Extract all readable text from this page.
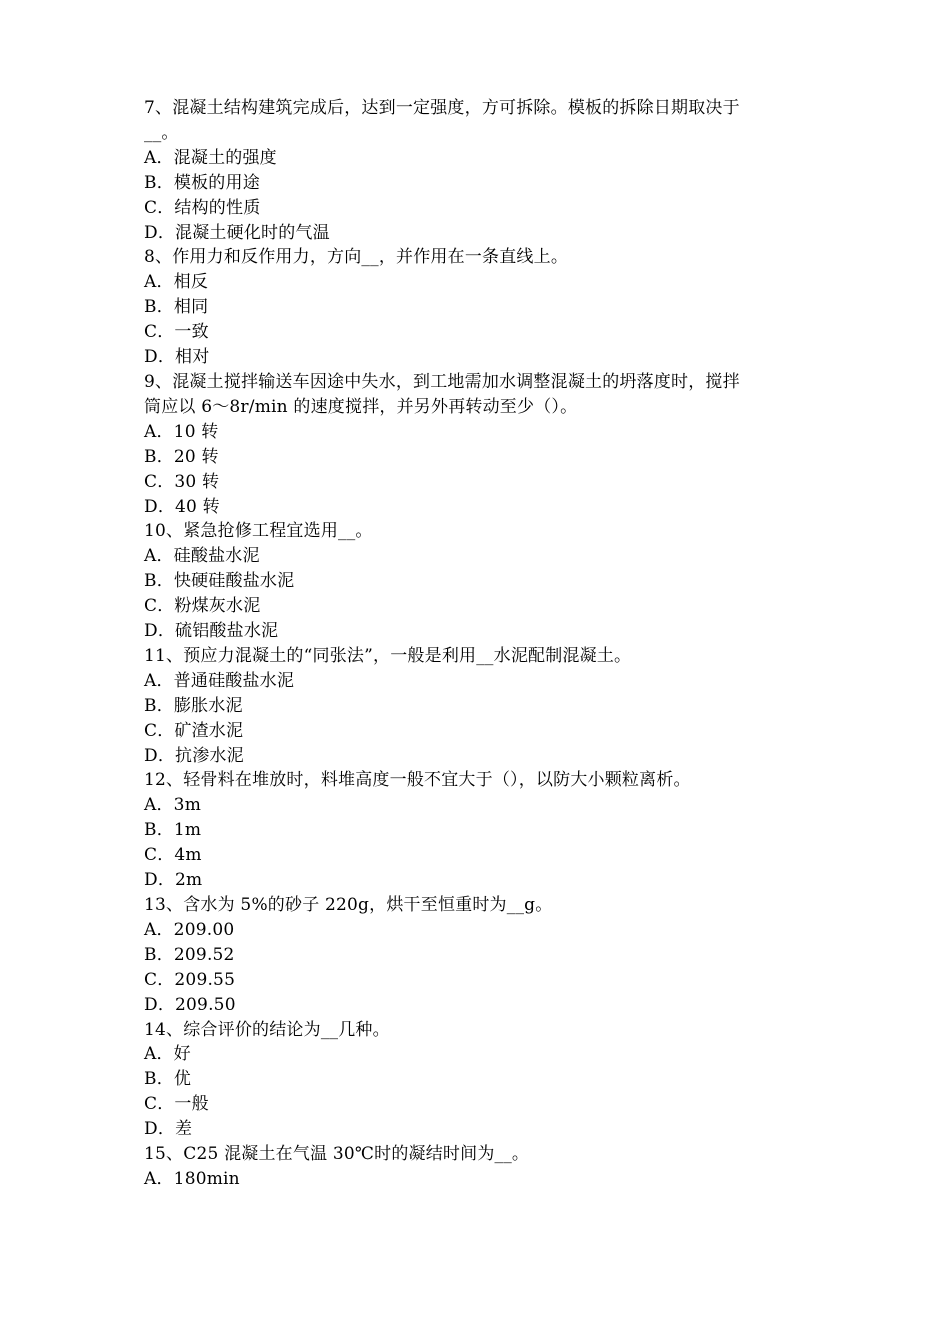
7、混凝土结构建筑完成后，达到一定强度，方可拆除。模板的拆除日期取决于
__。
A．混凝土的强度
B．模板的用途
C．结构的性质
D．混凝土硬化时的气温
8、作用力和反作用力，方向__，并作用在一条直线上。
A．相反
B．相同
C．一致
D．相对
9、混凝土搅拌输送车因途中失水，到工地需加水调整混凝土的坍落度时，搅拌
筒应以 6～8r/min 的速度搅拌，并另外再转动至少（）。
A．10 转
B．20 转
C．30 转
D．40 转
10、紧急抢修工程宜选用__。
A．硅酸盐水泥
B．快硬硅酸盐水泥
C．粉煤灰水泥
D．硫铝酸盐水泥
11、预应力混凝土的“同张法”，一般是利用__水泥配制混凝土。
A．普通硅酸盐水泥
B．膨胀水泥
C．矿渣水泥
D．抗渗水泥
12、轻骨料在堆放时，料堆高度一般不宜大于（），以防大小颗粒离析。
A．3m
B．1m
C．4m
D．2m
13、含水为 5%的砂子 220g，烘干至恒重时为__g。
A．209.00
B．209.52
C．209.55
D．209.50
14、综合评价的结论为__几种。
A．好
B．优
C．一般
D．差
15、C25 混凝土在气温 30℃时的凝结时间为__。
A．180min
